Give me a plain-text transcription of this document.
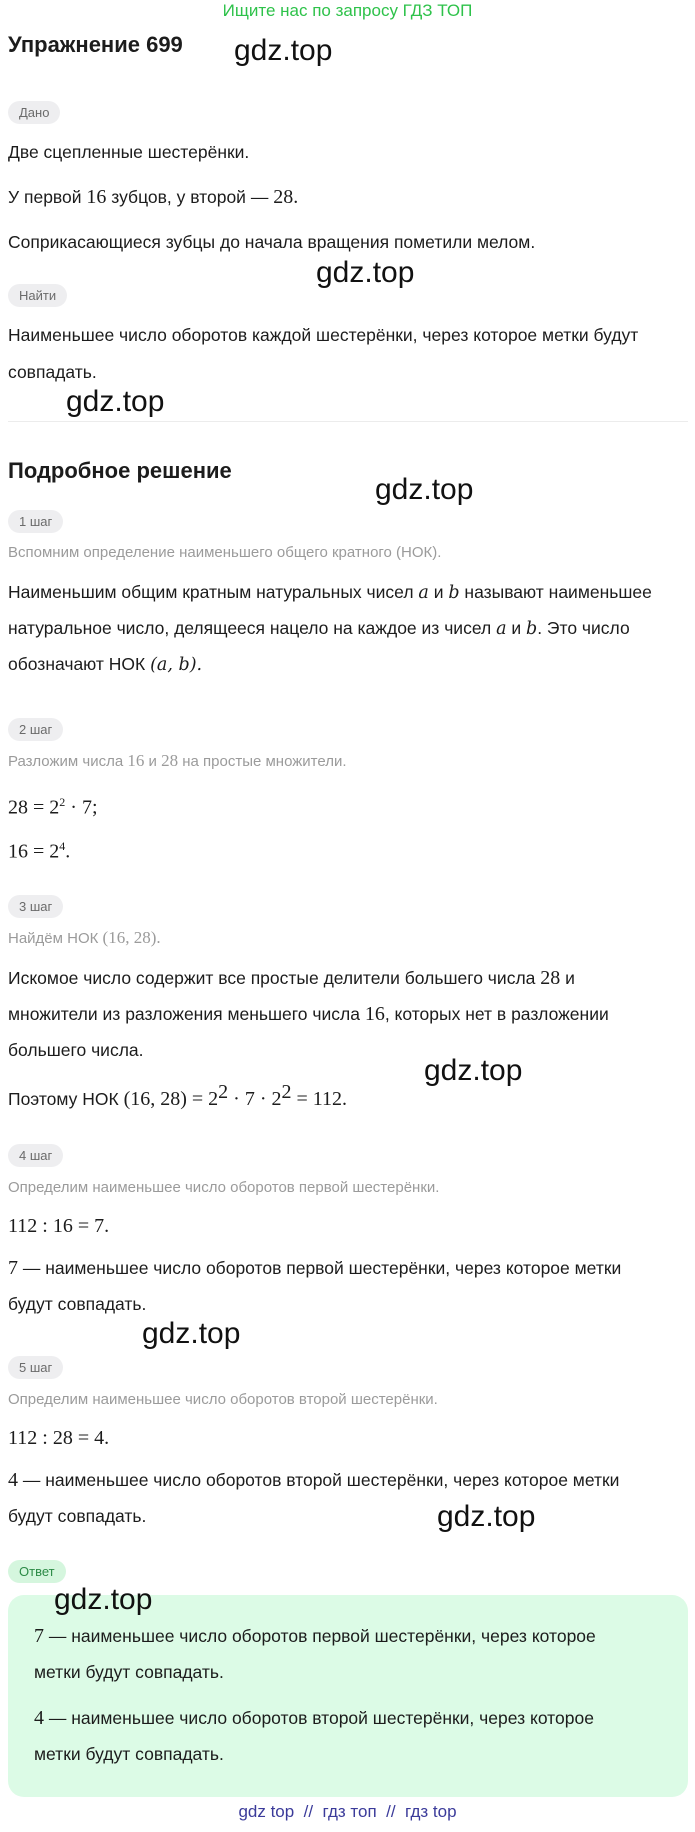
Ищите нас по запросу ГДЗ ТОП
Упражнение 699 gdz.top
gdz.top
gdz.top
gdz.top
gdz.top
gdz.top
gdz.top
Дано
Две сцепленные шестерёнки.
У первой 16 зубцов, у второй — 28.
Соприкасающиеся зубцы до начала вращения пометили мелом.
Найти
Наименьшее число оборотов каждой шестерёнки, через которое метки будут
совпадать.
Подробное решение
1 шаг
Вспомним определение наименьшего общего кратного (НОК).
Наименьшим общим кратным натуральных чисел a и b называют наименьшее
натуральное число, делящееся нацело на каждое из чисел a и b. Это число
обозначают НОК (a, b).
2 шаг
Разложим числа 16 и 28 на простые множители.
$28 = 2^2 \cdot 7$;
$16 = 2^4$.
3 шаг
Найдём НОК (16, 28).
Искомое число содержит все простые делители большего числа 28 и
множители из разложения меньшего числа 16, которых нет в разложении
большего числа.
Поэтому НОК (16, $28) = 2^2 \cdot 7 \cdot 2^2 = 112$.
4 шаг
Определим наименьшее число оборотов первой шестерёнки.
112 : 16 = 7.
7 — наименьшее число оборотов первой шестерёнки, через которое метки
будут совпадать.
5 шаг
Определим наименьшее число оборотов второй шестерёнки.
112 : 28 = 4.
4 — наименьшее число оборотов второй шестерёнки, через которое метки
будут совпадать.
Ответ
gdz.top
7 — наименьшее число оборотов первой шестерёнки, через которое
метки будут совпадать.
4 — наименьшее число оборотов второй шестерёнки, через которое
метки будут совпадать.
gdz top  //  гдз топ  //  гдз top
